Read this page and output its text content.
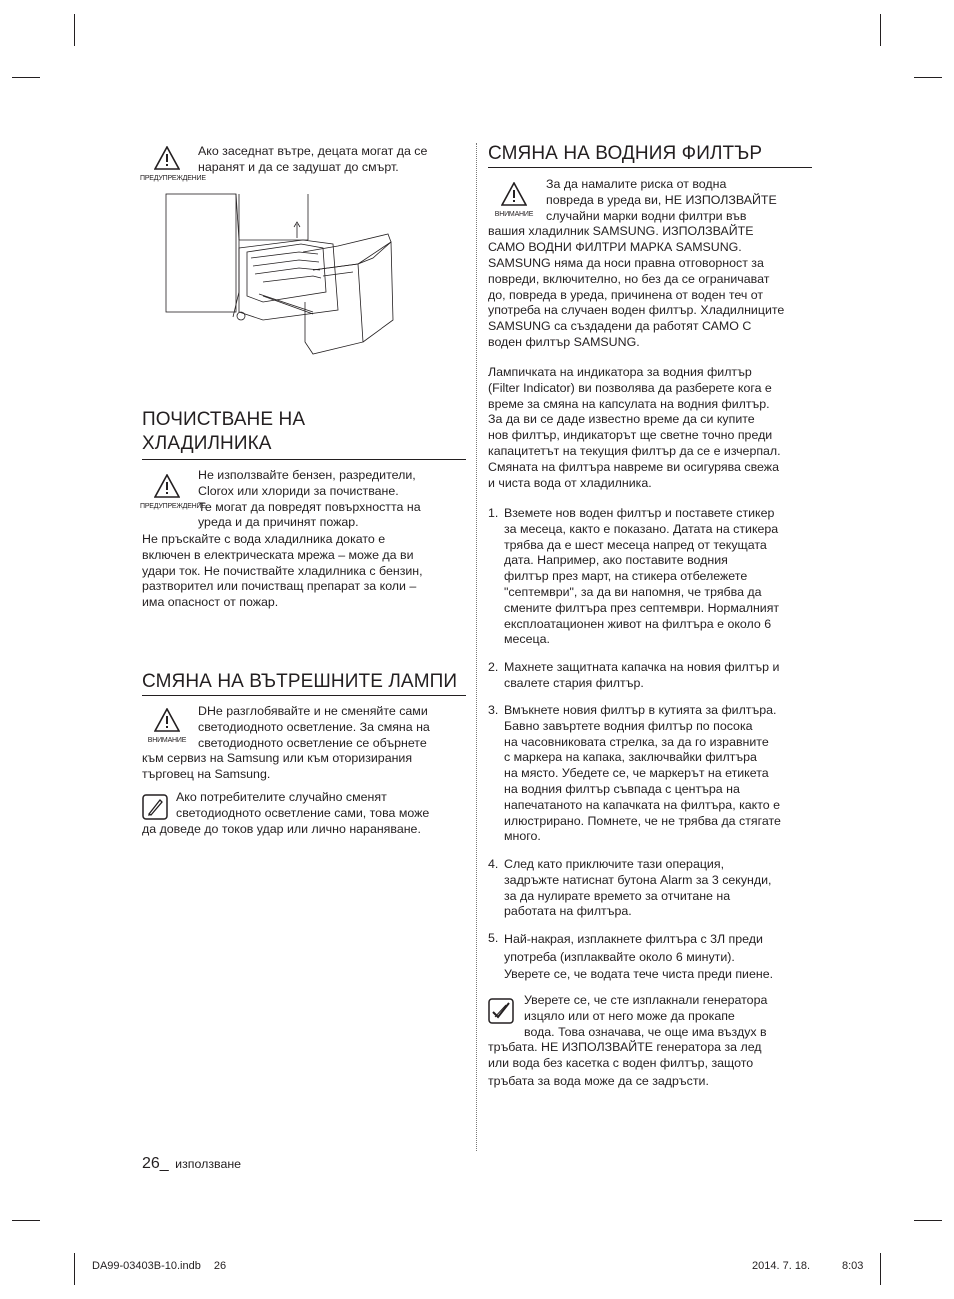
ПРЕДУПРЕЖДЕНИЕ
Ако заседнат вътре, децата могат да се наранят и да се задушат до смърт.
ПОЧИСТВАНЕ НА
ХЛАДИЛНИКА
ПРЕДУПРЕЖДЕНИЕ
Не използвайте бензен, разредители,
Clorox или хлориди за почистване.
Те могат да повредят повърхността на
уреда и да причинят пожар.
Не пръскайте с вода хладилника докато е
включен в електрическата мрежа – може да ви
удари ток. Не почиствайте хладилника с бензин,
разтворител или почистващ препарат за коли –
има опасност от пожар.
СМЯНА НА ВЪТРЕШНИТЕ ЛАМПИ
ВНИМАНИЕ
DНе разглобявайте и не сменяйте сами
светодиодното осветление. За смяна на
светодиодното осветление се обърнете
към сервиз на Samsung или към оторизирания
търговец на Samsung.
Ако потребителите случайно сменят
светодиодното осветление сами, това може
да доведе до токов удар или лично нараняване.
СМЯНА НА ВОДНИЯ ФИЛТЪР
ВНИМАНИЕ
За да намалите риска от водна
повреда в уреда ви, НЕ ИЗПОЛЗВАЙТЕ
случайни марки водни филтри във
вашия хладилник SAMSUNG. ИЗПОЛЗВАЙТЕ
САМО ВОДНИ ФИЛТРИ МАРКА SAMSUNG.
SAMSUNG няма да носи правна отговорност за
повреди, включително, но без да се ограничават
до, повреда в уреда, причинена от воден теч от
употреба на случаен воден филтър. Хладилниците
SAMSUNG са създадени да работят САМО С
воден филтър SAMSUNG.
Лампичката на индикатора за водния филтър
(Filter Indicator) ви позволява да разберете кога е
време за смяна на капсулата на водния филтър.
За да ви се даде известно време да си купите
нов филтър, индикаторът ще светне точно преди
капацитетът на текущия филтър да се е изчерпал.
Смяната на филтъра навреме ви осигурява свежа
и чиста вода от хладилника.
1. Вземете нов воден филтър и поставете стикер
за месеца, както е показано. Датата на стикера
трябва да е шест месеца напред от текущата
дата. Например, ако поставите водния
филтър през март, на стикера отбележете
"септември", за да ви напомня, че трябва да
смените филтъра през септември. Нормалният
експлоатационен живот на филтъра е около 6
месеца.
2. Махнете защитната капачка на новия филтър и
свалете стария филтър.
3. Вмъкнете новия филтър в кутията за филтъра.
Бавно завъртете водния филтър по посока
на часовниковата стрелка, за да го изравните
с маркера на капака, заключвайки филтъра
на място. Убедете се, че маркерът на етикета
на водния филтър съвпада с центъра на
напечатаното на капачката на филтъра, както е
илюстрирано. Помнете, че не трябва да стягате
много.
4. След като приключите тази операция,
задръжте натиснат бутона Alarm за 3 секунди,
за да нулирате времето за отчитане на
работата на филтъра.
5. Най-накрая, изплакнете филтъра с 3Л преди
употреба (изплаквайте около 6 минути).
Уверете се, че водата тече чиста преди пиене.
Уверете се, че сте изплакнали генератора
изцяло или от него може да прокапе
вода. Това означава, че още има въздух в
тръбата. НЕ ИЗПОЛЗВАЙТЕ генератора за лед
или вода без касетка с воден филтър, защото
тръбата за вода може да се задръсти.
26_ използване
DA99-03403B-10.indb 26	2014. 7. 18.	8:03
